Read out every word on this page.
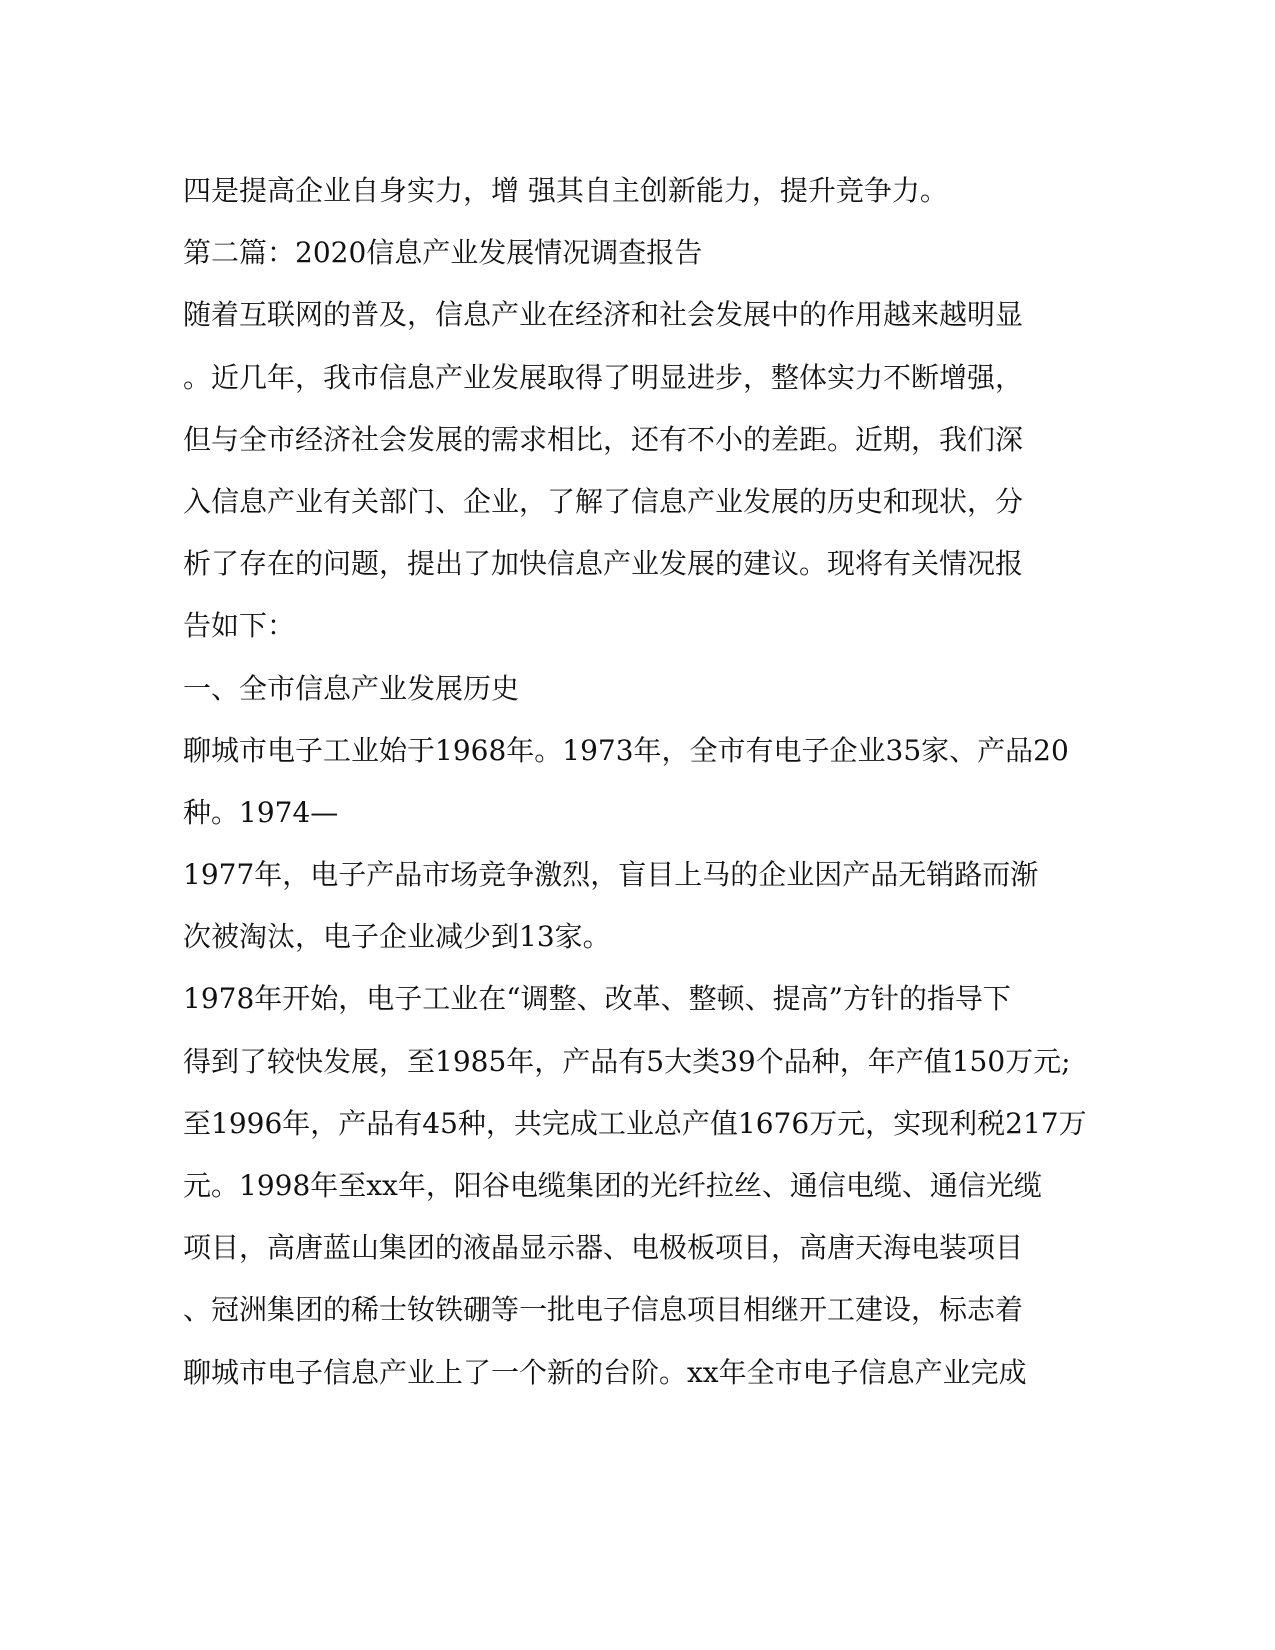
四是提高企业自身实力，增 强其自主创新能力，提升竞争力。
第二篇：2020信息产业发展情况调查报告
随着互联网的普及，信息产业在经济和社会发展中的作用越来越明显
。近几年，我市信息产业发展取得了明显进步，整体实力不断增强，
但与全市经济社会发展的需求相比，还有不小的差距。近期，我们深
入信息产业有关部门、企业，了解了信息产业发展的历史和现状，分
析了存在的问题，提出了加快信息产业发展的建议。现将有关情况报
告如下：
一、全市信息产业发展历史
聊城市电子工业始于1968年。1973年，全市有电子企业35家、产品20
种。1974—
1977年，电子产品市场竞争激烈，盲目上马的企业因产品无销路而渐
次被淘汰，电子企业减少到13家。
1978年开始，电子工业在“调整、改革、整顿、提高”方针的指导下
得到了较快发展，至1985年，产品有5大类39个品种，年产值150万元;
至1996年，产品有45种，共完成工业总产值1676万元，实现利税217万
元。1998年至xx年，阳谷电缆集团的光纤拉丝、通信电缆、通信光缆
项目，高唐蓝山集团的液晶显示器、电极板项目，高唐天海电装项目
、冠洲集团的稀士钕铁硼等一批电子信息项目相继开工建设，标志着
聊城市电子信息产业上了一个新的台阶。xx年全市电子信息产业完成
